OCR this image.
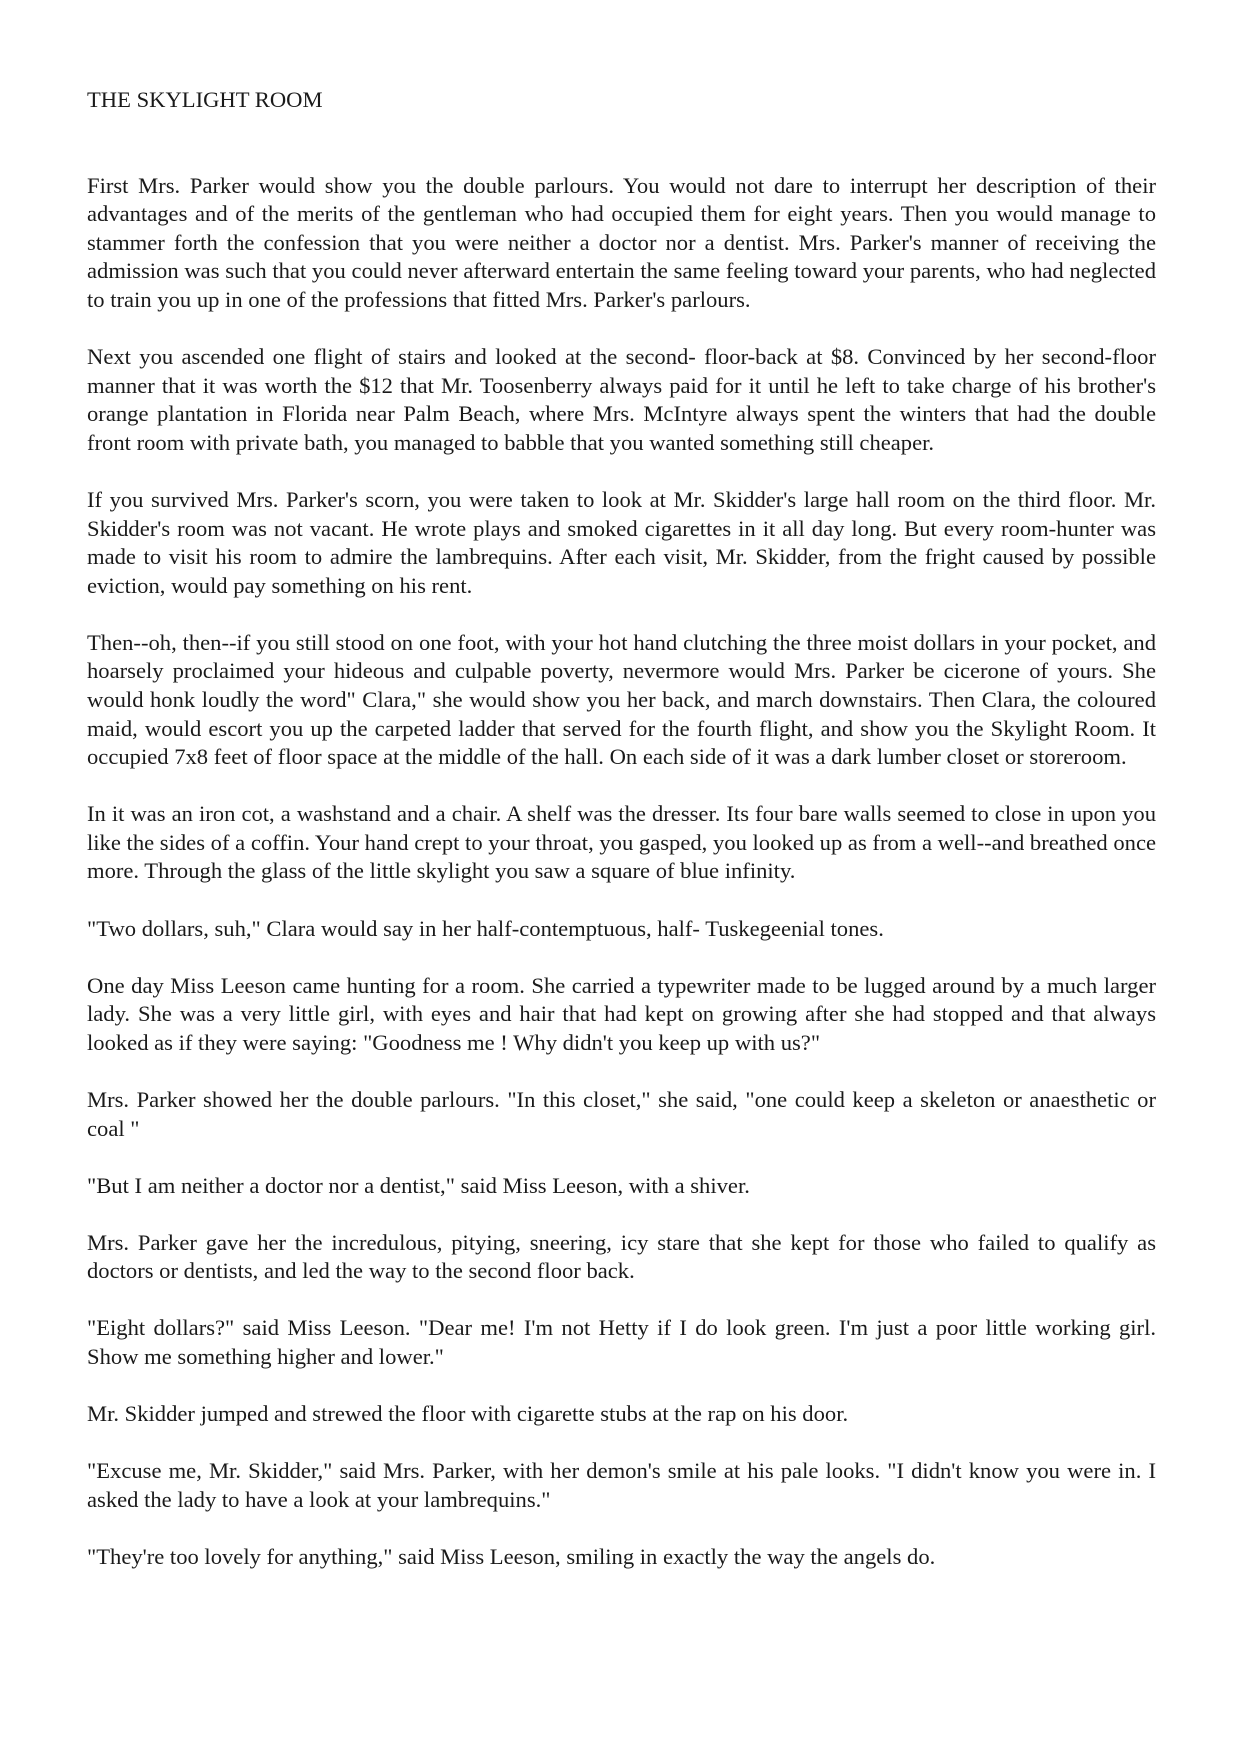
THE SKYLIGHT ROOM

First Mrs. Parker would show you the double parlours. You would not dare to interrupt her description of their advantages and of the merits of the gentleman who had occupied them for eight years. Then you would manage to stammer forth the confession that you were neither a doctor nor a dentist. Mrs. Parker's manner of receiving the admission was such that you could never afterward entertain the same feeling toward your parents, who had neglected to train you up in one of the professions that fitted Mrs. Parker's parlours.

Next you ascended one flight of stairs and looked at the second- floor-back at $8. Convinced by her second-floor manner that it was worth the $12 that Mr. Toosenberry always paid for it until he left to take charge of his brother's orange plantation in Florida near Palm Beach, where Mrs. McIntyre always spent the winters that had the double front room with private bath, you managed to babble that you wanted something still cheaper.

If you survived Mrs. Parker's scorn, you were taken to look at Mr. Skidder's large hall room on the third floor. Mr. Skidder's room was not vacant. He wrote plays and smoked cigarettes in it all day long. But every room-hunter was made to visit his room to admire the lambrequins. After each visit, Mr. Skidder, from the fright caused by possible eviction, would pay something on his rent.

Then--oh, then--if you still stood on one foot, with your hot hand clutching the three moist dollars in your pocket, and hoarsely proclaimed your hideous and culpable poverty, nevermore would Mrs. Parker be cicerone of yours. She would honk loudly the word" Clara," she would show you her back, and march downstairs. Then Clara, the coloured maid, would escort you up the carpeted ladder that served for the fourth flight, and show you the Skylight Room. It occupied 7x8 feet of floor space at the middle of the hall. On each side of it was a dark lumber closet or storeroom.

In it was an iron cot, a washstand and a chair. A shelf was the dresser. Its four bare walls seemed to close in upon you like the sides of a coffin. Your hand crept to your throat, you gasped, you looked up as from a well--and breathed once more. Through the glass of the little skylight you saw a square of blue infinity.

"Two dollars, suh," Clara would say in her half-contemptuous, half- Tuskegeenial tones.

One day Miss Leeson came hunting for a room. She carried a typewriter made to be lugged around by a much larger lady. She was a very little girl, with eyes and hair that had kept on growing after she had stopped and that always looked as if they were saying: "Goodness me ! Why didn't you keep up with us?"

Mrs. Parker showed her the double parlours. "In this closet," she said, "one could keep a skeleton or anaesthetic or coal "

"But I am neither a doctor nor a dentist," said Miss Leeson, with a shiver.

Mrs. Parker gave her the incredulous, pitying, sneering, icy stare that she kept for those who failed to qualify as doctors or dentists, and led the way to the second floor back.

"Eight dollars?" said Miss Leeson. "Dear me! I'm not Hetty if I do look green. I'm just a poor little working girl. Show me something higher and lower."

Mr. Skidder jumped and strewed the floor with cigarette stubs at the rap on his door.

"Excuse me, Mr. Skidder," said Mrs. Parker, with her demon's smile at his pale looks. "I didn't know you were in. I asked the lady to have a look at your lambrequins."

"They're too lovely for anything," said Miss Leeson, smiling in exactly the way the angels do.
